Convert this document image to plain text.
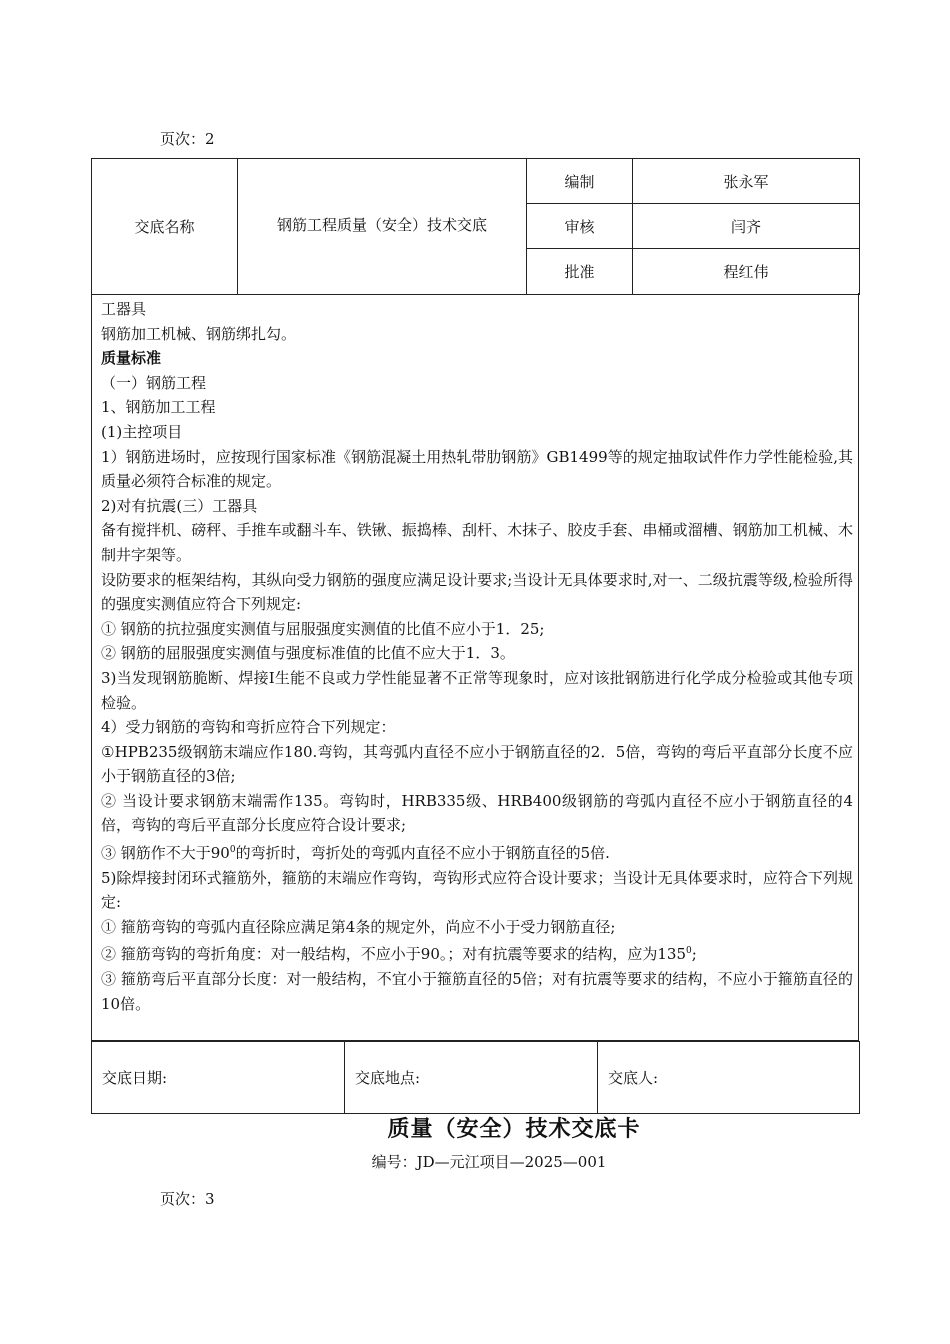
页次：2
交底名称	钢筋工程质量（安全）技术交底	编制	张永军
		审核	闫齐
		批准	程红伟

工器具

钢筋加工机械、钢筋绑扎勾。

质量标准

（一）钢筋工程

1、钢筋加工工程

(1)主控项目

1）钢筋进场时，应按现行国家标准《钢筋混凝土用热轧带肋钢筋》GB1499等的规定抽取试件作力学性能检验,其质量必须符合标准的规定。

2)对有抗震(三）工器具

备有搅拌机、磅秤、手推车或翻斗车、铁锹、振捣棒、刮杆、木抹子、胶皮手套、串桶或溜槽、钢筋加工机械、木制井字架等。

设防要求的框架结构，其纵向受力钢筋的强度应满足设计要求;当设计无具体要求时,对一、二级抗震等级,检验所得的强度实测值应符合下列规定:

① 钢筋的抗拉强度实测值与屈服强度实测值的比值不应小于1．25;

② 钢筋的屈服强度实测值与强度标准值的比值不应大于1．3。

3)当发现钢筋脆断、焊接I生能不良或力学性能显著不正常等现象时，应对该批钢筋进行化学成分检验或其他专项检验。

4）受力钢筋的弯钩和弯折应符合下列规定：

①HPB235级钢筋末端应作180.弯钩，其弯弧内直径不应小于钢筋直径的2．5倍，弯钩的弯后平直部分长度不应小于钢筋直径的3倍;

② 当设计要求钢筋末端需作135。弯钩时，HRB335级、HRB400级钢筋的弯弧内直径不应小于钢筋直径的4倍，弯钩的弯后平直部分长度应符合设计要求;

③ 钢筋作不大于$90^0$的弯折时，弯折处的弯弧内直径不应小于钢筋直径的5倍.

5)除焊接封闭环式箍筋外，箍筋的末端应作弯钩，弯钩形式应符合设计要求；当设计无具体要求时，应符合下列规定:

① 箍筋弯钩的弯弧内直径除应满足第4条的规定外，尚应不小于受力钢筋直径;

② 箍筋弯钩的弯折角度：对一般结构，不应小于90。；对有抗震等要求的结构，应为$135^0$;

③ 箍筋弯后平直部分长度：对一般结构，不宜小于箍筋直径的5倍；对有抗震等要求的结构，不应小于箍筋直径的10倍。

交底日期:	交底地点:	交底人:
质量（安全）技术交底卡
编号：JD—元江项目—2025—001
页次：3
